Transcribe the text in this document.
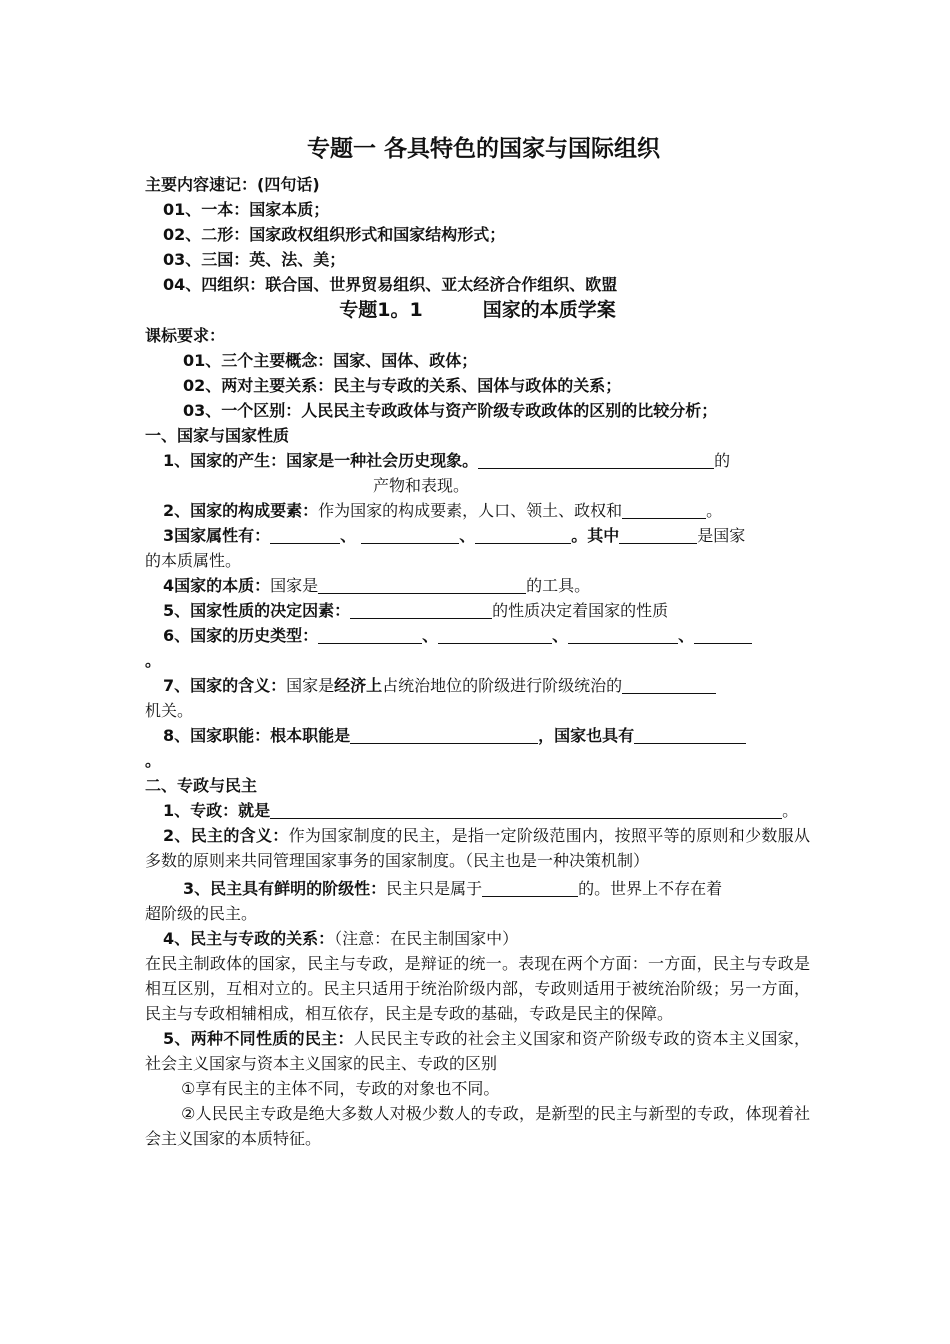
专题一 各具特色的国家与国际组织
主要内容速记：(四句话)
01、一本：国家本质；
02、二形：国家政权组织形式和国家结构形式；
03、三国：英、法、美；
04、四组织：联合国、世界贸易组织、亚太经济合作组织、欧盟
专题1。1	国家的本质学案
课标要求：
01、三个主要概念：国家、国体、政体；
02、两对主要关系：民主与专政的关系、国体与政体的关系；
03、一个区别：人民民主专政政体与资产阶级专政政体的区别的比较分析；
一、国家与国家性质
1、国家的产生：国家是一种社会历史现象。	的
产物和表现。
2、国家的构成要素：作为国家的构成要素，人口、领土、政权和	。
3国家属性有：	、	、	。其中	是国家
的本质属性。
4国家的本质：国家是	的工具。
5、国家性质的决定因素：	的性质决定着国家的性质
6、国家的历史类型：	、	、	、
。
7、国家的含义：国家是经济上占统治地位的阶级进行阶级统治的
机关。
8、国家职能：根本职能是	，国家也具有
。
二、专政与民主
1、专政：就是	。

2、民主的含义：作为国家制度的民主，是指一定阶级范围内，按照平等的原则和少数服从多数的原则来共同管理国家事务的国家制度。（民主也是一种决策机制）

3、民主具有鲜明的阶级性：民主只是属于	的。世界上不存在着
超阶级的民主。
4、民主与专政的关系：（注意：在民主制国家中）

在民主制政体的国家，民主与专政，是辩证的统一。表现在两个方面：一方面，民主与专政是相互区别，互相对立的。民主只适用于统治阶级内部，专政则适用于被统治阶级；另一方面，民主与专政相辅相成，相互依存，民主是专政的基础，专政是民主的保障。

5、两种不同性质的民主：人民民主专政的社会主义国家和资产阶级专政的资本主义国家，社会主义国家与资本主义国家的民主、专政的区别

①享有民主的主体不同，专政的对象也不同。

②人民民主专政是绝大多数人对极少数人的专政，是新型的民主与新型的专政，体现着社会主义国家的本质特征。
